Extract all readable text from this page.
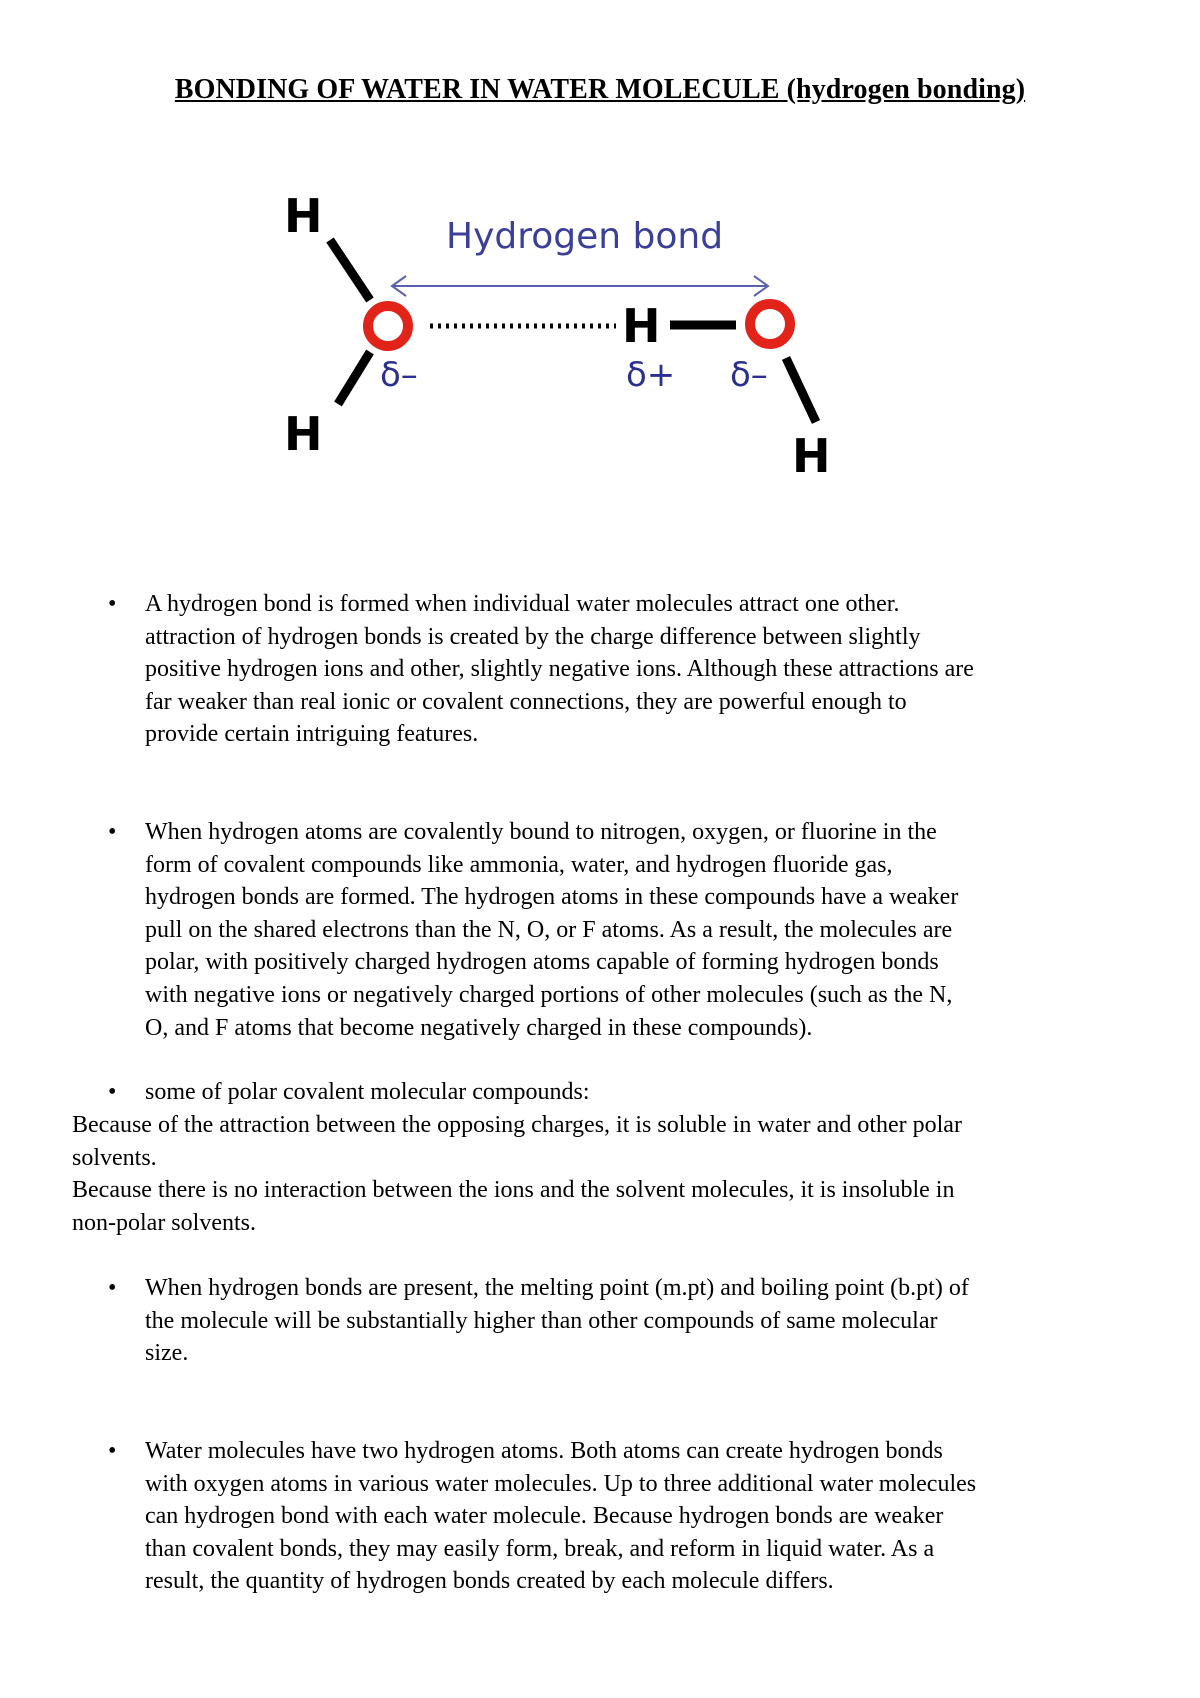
BONDING OF WATER IN WATER MOLECULE (hydrogen bonding)
Hydrogen bond
H
H
δ–
H
H
δ+ δ–
• A hydrogen bond is formed when individual water molecules attract one other.
attraction of hydrogen bonds is created by the charge difference between slightly
positive hydrogen ions and other, slightly negative ions. Although these attractions are
far weaker than real ionic or covalent connections, they are powerful enough to
provide certain intriguing features.
• When hydrogen atoms are covalently bound to nitrogen, oxygen, or fluorine in the
form of covalent compounds like ammonia, water, and hydrogen fluoride gas,
hydrogen bonds are formed. The hydrogen atoms in these compounds have a weaker
pull on the shared electrons than the N, O, or F atoms. As a result, the molecules are
polar, with positively charged hydrogen atoms capable of forming hydrogen bonds
with negative ions or negatively charged portions of other molecules (such as the N,
O, and F atoms that become negatively charged in these compounds).
• some of polar covalent molecular compounds:
Because of the attraction between the opposing charges, it is soluble in water and other polar
solvents.
Because there is no interaction between the ions and the solvent molecules, it is insoluble in
non-polar solvents.
• When hydrogen bonds are present, the melting point (m.pt) and boiling point (b.pt) of
the molecule will be substantially higher than other compounds of same molecular
size.
• Water molecules have two hydrogen atoms. Both atoms can create hydrogen bonds
with oxygen atoms in various water molecules. Up to three additional water molecules
can hydrogen bond with each water molecule. Because hydrogen bonds are weaker
than covalent bonds, they may easily form, break, and reform in liquid water. As a
result, the quantity of hydrogen bonds created by each molecule differs.
